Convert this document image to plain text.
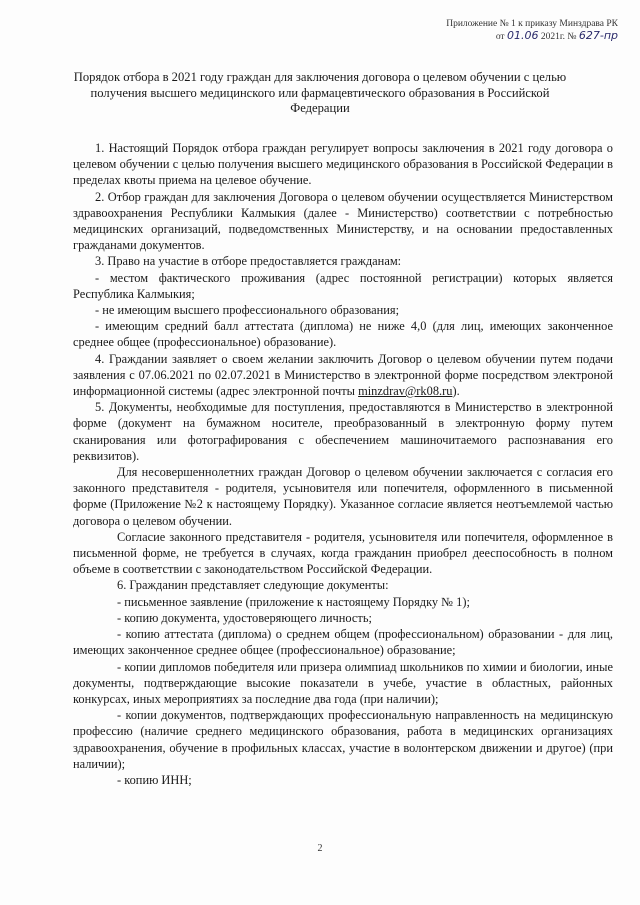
Приложение № 1 к приказу Минздрава РК
от 01.06 2021г. № 627-пр
Порядок отбора в 2021 году граждан для заключения договора о целевом обучении с целью получения высшего медицинского или фармацевтического образования в Российской Федерации

1. Настоящий Порядок отбора граждан регулирует вопросы заключения в 2021 году договора о целевом обучении с целью получения высшего медицинского образования в Российской Федерации в пределах квоты приема на целевое обучение.

2. Отбор граждан для заключения Договора о целевом обучении осуществляется Министерством здравоохранения Республики Калмыкия (далее - Министерство) соответствии с потребностью медицинских организаций, подведомственных Министерству, и на основании предоставленных гражданами документов.

3. Право на участие в отборе предоставляется гражданам:

- местом фактического проживания (адрес постоянной регистрации) которых является Республика Калмыкия;

- не имеющим высшего профессионального образования;

- имеющим средний балл аттестата (диплома) не ниже 4,0 (для лиц, имеющих законченное среднее общее (профессиональное) образование).

4. Граждании заявляет о своем желании заключить Договор о целевом обучении путем подачи заявления с 07.06.2021 по 02.07.2021 в Министерство в электронной форме посредством электроной информационной системы (адрес электронной почты minzdrav@rk08.ru).

5. Документы, необходимые для поступления, предоставляются в Министерство в электронной форме (документ на бумажном носителе, преобразованный в электронную форму путем сканирования или фотографирования с обеспечением машиночитаемого распознавания его реквизитов).

Для несовершеннолетних граждан Договор о целевом обучении заключается с согласия его законного представителя - родителя, усыновителя или попечителя, оформленного в письменной форме (Приложение №2 к настоящему Порядку). Указанное согласие является неотъемлемой частью договора о целевом обучении.

Согласие законного представителя - родителя, усыновителя или попечителя, оформленное в письменной форме, не требуется в случаях, когда гражданин приобрел дееспособность в полном объеме в соответствии с законодательством Российской Федерации.

6. Гражданин представляет следующие документы:

- письменное заявление (приложение к настоящему Порядку № 1);

- копию документа, удостоверяющего личность;

- копию аттестата (диплома) о среднем общем (профессиональном) образовании - для лиц, имеющих законченное среднее общее (профессиональное) образование;

- копии дипломов победителя или призера олимпиад школьников по химии и биологии, иные документы, подтверждающие высокие показатели в учебе, участие в областных, районных конкурсах, иных мероприятиях за последние два года (при наличии);

- копии документов, подтверждающих профессиональную направленность на медицинскую профессию (наличие среднего медицинского образования, работа в медицинских организациях здравоохранения, обучение в профильных классах, участие в волонтерском движении и другое) (при наличии);

- копию ИНН;

2
